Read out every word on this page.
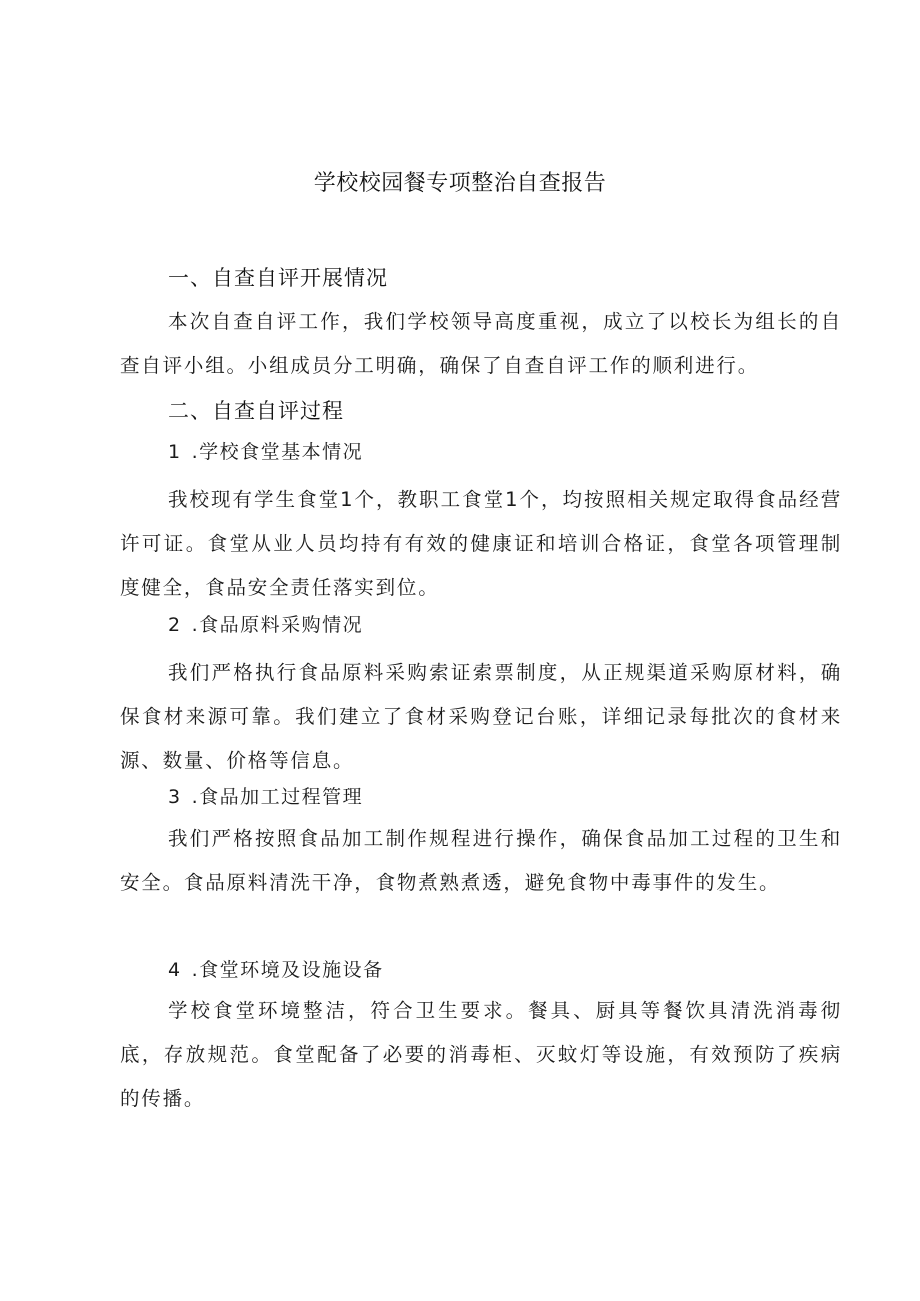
学校校园餐专项整治自查报告
一、自查自评开展情况

本次自查自评工作，我们学校领导高度重视，成立了以校长为组长的自查自评小组。小组成员分工明确，确保了自查自评工作的顺利进行。

二、自查自评过程
1 .学校食堂基本情况

我校现有学生食堂1个，教职工食堂1个，均按照相关规定取得食品经营许可证。食堂从业人员均持有有效的健康证和培训合格证，食堂各项管理制度健全，食品安全责任落实到位。

2 .食品原料采购情况

我们严格执行食品原料采购索证索票制度，从正规渠道采购原材料，确保食材来源可靠。我们建立了食材采购登记台账，详细记录每批次的食材来源、数量、价格等信息。

3 .食品加工过程管理

我们严格按照食品加工制作规程进行操作，确保食品加工过程的卫生和安全。食品原料清洗干净，食物煮熟煮透，避免食物中毒事件的发生。

4 .食堂环境及设施设备

学校食堂环境整洁，符合卫生要求。餐具、厨具等餐饮具清洗消毒彻底，存放规范。食堂配备了必要的消毒柜、灭蚊灯等设施，有效预防了疾病的传播。
